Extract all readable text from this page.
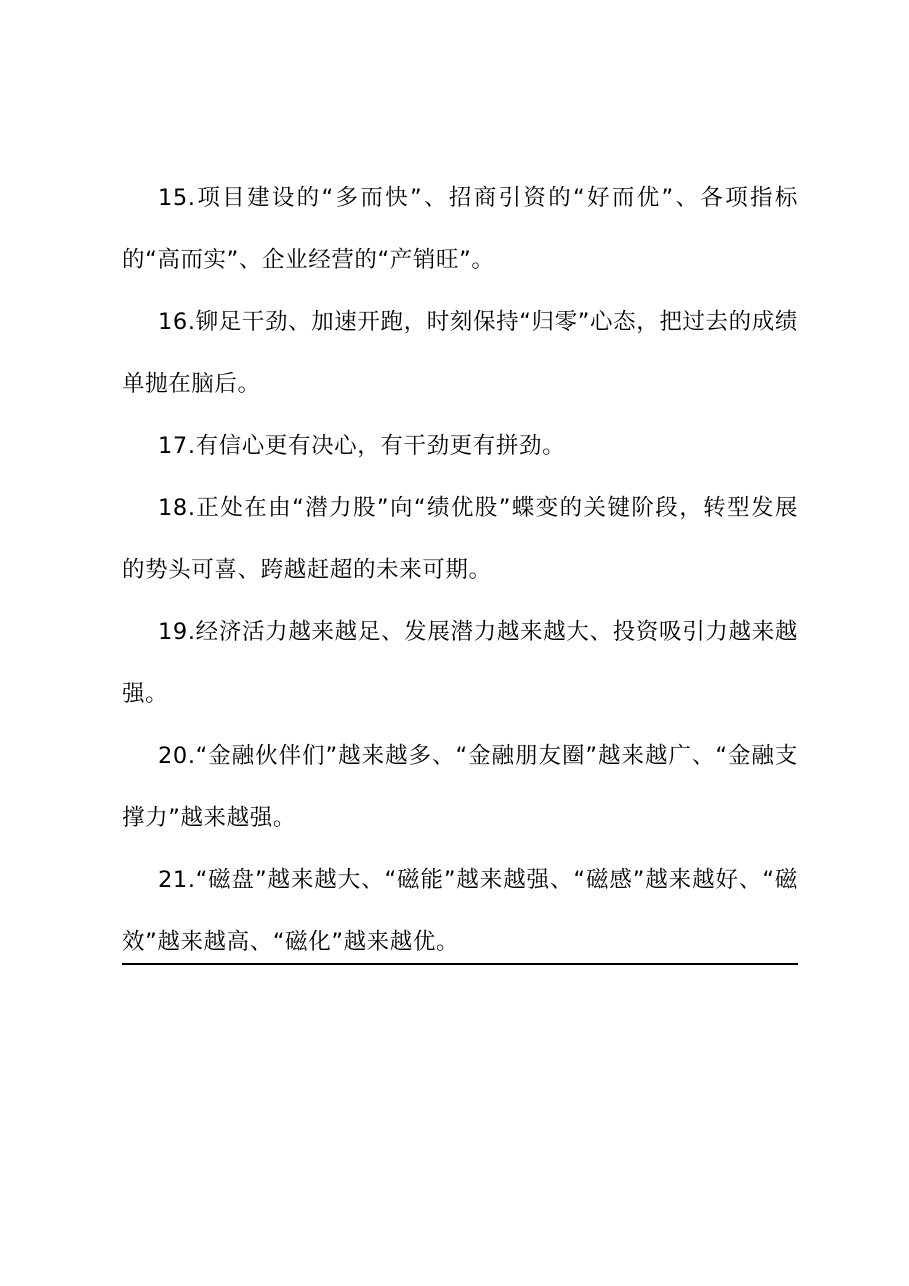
15.项目建设的“多而快”、招商引资的“好而优”、各项指标的“高而实”、企业经营的“产销旺”。

16.铆足干劲、加速开跑，时刻保持“归零”心态，把过去的成绩单抛在脑后。

17.有信心更有决心，有干劲更有拼劲。

18.正处在由“潜力股”向“绩优股”蝶变的关键阶段，转型发展的势头可喜、跨越赶超的未来可期。

19.经济活力越来越足、发展潜力越来越大、投资吸引力越来越强。

20.“金融伙伴们”越来越多、“金融朋友圈”越来越广、“金融支撑力”越来越强。

21.“磁盘”越来越大、“磁能”越来越强、“磁感”越来越好、“磁效”越来越高、“磁化”越来越优。
